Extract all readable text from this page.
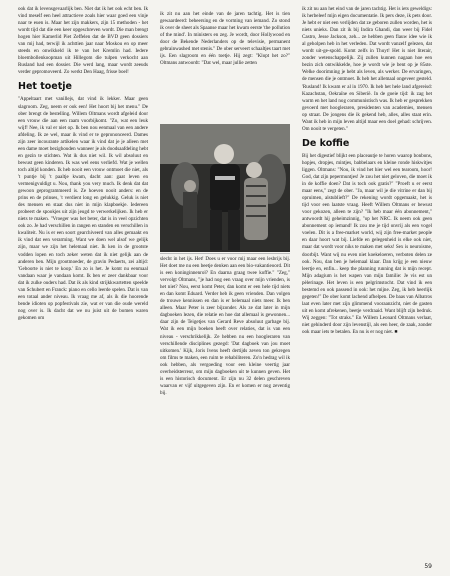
ook dat ik levensgevaarlijk ben. Niet dat ik het ook echt ben. Ik vind meself een heel attractieve zoals hier waar goed een vinje naar te euen is. Maar het zijn makkers, zijn 15 methoden - het wordt tijd dat die een keer opgeschreven wordt. Die man brengt hogen hier Kamerlid Piet Zeffelen dat de BVD geen dossiers van mij had, terwijl ik achttien jaar naar Moskou en op meer steeds en onwikkeld ik te van het Kremlin had. Iedere bloembollenkoopman uit Hillegom die tulpen verkocht aan Rusland had een dossier. Die werd lang, maar wordt zeeuds verder gepromoveerd. Zo werkt Den Haag, frisse boel!

Het toetje

"Appeltaart met vanillejs, dat vind ik lekker. Maar geen slagroom. Zeg, neem er ook een! Het hoort bij het menu." De ober brengt de bestelling. Willem Oltmans wordt afgeleid door een vrouw die aan een raam voorbijkomt. "Zo, wat een leuk wijf! Nee, ik val er niet op. Ik ben nou eenmaal van een andere afdeling. Ik ze wel, maar ik vind er te geprononceerd. Dames zijn zeer incourante artikelen waar ik vind dat je je alleen met een dame moet bezighouden wanneer je als doodsaafdeling hebt en gezin te stichten. Wat ik dus niet wil. Ik wil absoluut en bewust geen kinderen. Ik was wel eens verliefd. Wat je wellen toch altijd konden. Ik heb nooit een vrouw ontmoet die niet, als 't puntje bij 't paaltje kwam, dacht aan: gaat leven en vermenigvuldigt u. Nou, thank you very much. Ik denk dat dat gewoon geprogrammeerd is. Ze hoeven nooit anders: en de prins en de prinses, 't verdient long en gelukkig. Geluk is niet des mensen en staat dus niet in mijn klapboekje. Iedereen probeert de spookjes uit zijn jeugd te verwerkelijken. Ik heb er niets te maken. "Vroeger was het beter, dat is in veel opzichten ook zo. Je had verschillen in rangen en standen en verschillen in kwaliteit. Nu is er een soort gearchiveerd van alles gemaakt en ik vind dat een verarming. Want we doen wel alsof we gelijk zijn, maar we zijn het helemaal niet. Ik ken in de grootste vodden lopen en toch zeker weten dat ik niet gelijk aan de anderen ben. Mijn grootmoeder, de gravin Pedaerts, zei altijd: 'Geboorte is niet te koop.' En zo is het. Je komt nu eenmaal vandaan waar je vandaan komt. Ik ben er zeer dankbaar voor dat ik zulke ouders had. Dat ik als kind strijkkwartetten speelde van Schubert en Franck: piano en cello leerde spelen. Dat is van een totaal ander niveau. Ik vraag me af, als ik die hoorende bende idioten op popfestivals zie, wat er van die oude wereld nog over is. Ik dacht dat we nu juist uit de bomen waren gekomen om

ik zit nu aan het einde van de jaren tachtig. Het is tien gewaardeerd: beheersing en de vorming van iemand. Zo stond ik over de sheet als Spaanse maar het kwam eerste 'the pollution of the mind'. In ministers en zeg. Je wordt, door Hollywood en door de Bekende Nederlanders op de televisie, permanent gebrainwashed met stenis." De ober serveert schaaltjes taart met ijs. Een slagroom en één toetje. Hij zegt: "Klopt het zo?" Oltmans antwoordt: "Dat wel, maar jullie zetten

slecht in het ijs. Het! Does u er voor mij maar een lesbrijs bij. Het doet me nu een beetje denken aan een bio-vakantieoord. Dit is een koninginnenrol? En daarna graag twee koffie." "Zeg," vervolgt Oltmans, "je had nog een vraag over mijn vrienden, is het niet? Nou, eerst komt Peter, dan komt er een hele tijd niets en dan komt Eduard. Verder heb ik geen vrienden. Dan volgen de trouwe kennissen en dan is er helemaal niets meer. Ik ben alleen. Maar Peter is zeer bijzonder. Als ze dat later in mijn dagboeken lezen, die relatie en hoe dat allemaal is gewonnen... daar zijn de Teigetjes van Gerard Reve absoluut garbage bij. Wat ik een mijn boeken heeft over relaties, dat is van een niveau - verschrikkelijk. Ze hebben nu een hoogleraren van verschillende disciplines gezegd: 'Dat dagboek van jou moet uitkomen.' Kijk, Joris Ivens heeft dertijds zeven ton gekregen om films te maken, een ruim te rehabiliteren. Zo'n hedrag wil ik ook hebben, als vergoeding voor een kleine veertig jaar overheidsterreur, om mijn dagboeken uit te kunnen geven. Het is een historisch document. Er zijn nu 32 delen geschreven waarvan er vijf uitgegeven zijn. En er komen er nog zeventig bij.

ik zit nu aan het eind van de jaren tachtig. Het is iets geweldigs: ik herbeleef mijn eigen documentatie. Ik pers deze, ik pets door. Je hebt er niet een verlijden dat ze geboren zullen worden, het is niets unieks. Dan zit ik bij Indira Ghandi, dan weer bij Fidel Castro, Jesse Jackson, zeh... ze hebben geen flauw idee wie ik al geholpen heb in het verleden. Dat wordt vanzelf gelezen, dat wordt uit-ge-spold. Komt zelfs in Thuyt! Het is niet literair, zonder wetenschappelijk. Zij zullen kunnen nagaan hoe een bezin zich ontwikkelde, hoe je wordt wie je bent op je 85ste. Welke doorimning je hebt als leven, als werker. De ervaringen, de mensen die je ontmoet. Ik heb het allemaal ongeveer gesteld. 'Rusland! Ik kwam er al in 1970. Ik heb het hele land afgereisd: Kazachstan, Oekraïne en Siberië. In de goeie tijd: ik zag het warm en het land nog communistisch was. Ik heb er gesprekken gevoerd met hoogleraren, presidenten van academies, mensen op straat. De jongens die ik gekend heb, alles, alles staat erin. Want ik heb in mijn leven altijd maar een doel gehad: schrijven. Om nooit te vergeten."

De koffie

Bij het digestief blijkt een placeautje te horen waarop bonbons, hopjes, dropjes, mintjes, babbelaars en kleine ronde hiskwitjes liggen. Oltmans: "Nou, ik vind het hier wel een tearoom, hoor! God, dat zijn pepermuntjes! Je zou het niet geloven, die moet ik in de koffie doen? Dat is toch ook gratis?" "Proeft u er eerst maar eens," zegt de ober. "Ja, maar wil je die vitrine er dan bij opruimen, alstublieft?" De rekening wordt opgemaakt, het is tijd voor een laatste vraag. Heeft Willem Oltmans er bewust voor gekozen, alleen te zijn? "Ik heb maar één abonnement," antwoordt hij geheimzinnig, "op het NRC. Ik neem ook geen abonnement op iemand! Ik zou me je tijd onvrij als een vogel voelen. Dit is a free-market world, wij zijn free-market people en daar hoort wat bij. Liefde en gelegenheid is elke ook niet, maar dat wordt voor niks te maken met seks! Sex is neuroisme, doorbijt. Want wij nu even niet koekeloeren, verboten delen ze ook. Nou, dan ben je helemaal klaar. Dan krijg je een nieuw leertje en, enfin... keep the planning running dat is mijn recept. Mijn adagium is het wapen van mijn familie: Je vis est un pèlerinage. Het leven is een pelgrimstocht. Dat vind ik een bestemd en ook passend in ook: het mijne. Zeg, ik heb heerlijk gegeten!" De ober komt lachend afhelpen. De baas van Albatros laat even later met zijn glimmend vooraanzicht, niet de gasten uit en komt afrekenen, beetje verdraaid. Want blijft zijn bedruk. Wij zeggen: "Tot straks." En Willem Leonard Oltmans verlaat, niet gehinderd door zijn levenstijl, als een heer, de zaak, zonder ook maar iets te betalen. En nu is er nog niet. ■

59
